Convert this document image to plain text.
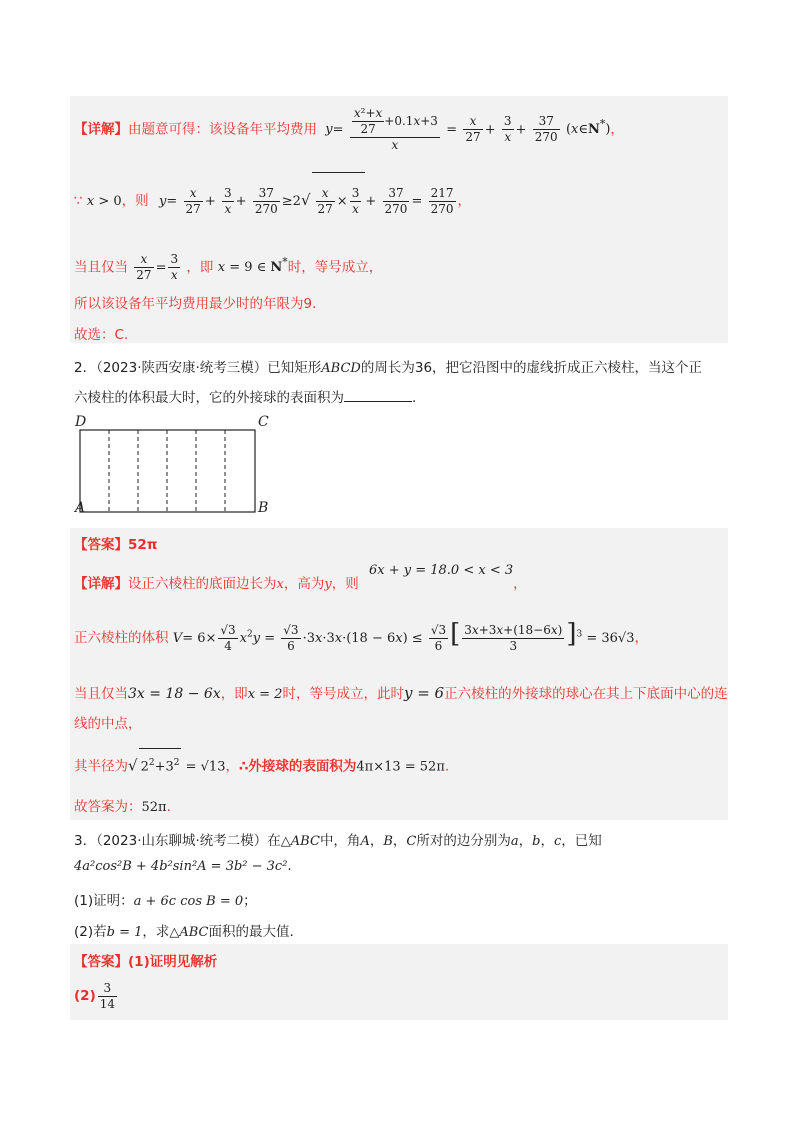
【详解】由题意可得：该设备年平均费用 $y= \frac{\frac{\text{x²+x}}{27} +0.1x+3}{x} = \frac{x}{27} + \frac{3}{x} + \frac{37}{270}$ (x∈N*)，
∵ x > 0，则 $y= \frac{x}{27} + \frac{3}{x} + \frac{37}{270} \ge 2√ \frac{x}{27} \times \frac{3}{x} + \frac{37}{270} = \frac{217}{270}$ ，
当且仅当 $\frac{x}{27} = \frac{3}{x}$ ，即 x = 9 ∈ N*时，等号成立，
所以该设备年平均费用最少时的年限为9.
故选：C.
2．（2023·陕西安康·统考三模）已知矩形ABCD的周长为36，把它沿图中的虚线折成正六棱柱，当这个正
六棱柱的体积最大时，它的外接球的表面积为	.
D	C
A	B
【答案】52π
【详解】设正六棱柱的底面边长为x，高为y，则 6x + y = 18.0 < x < 3，
正六棱柱的体积 $V= 6\times \frac{√3}{4} x^2y = \frac{√3}{6} \cdot 3x\cdot 3x\cdot(18 - 6x) \le \frac{√3}{6}$ [ $\frac{3x+3x+(18-6x)}{3} ]^3 = 36√3$，
当且仅当3x = 18 − 6x，即x = 2时，等号成立，此时y = 6正六棱柱的外接球的球心在其上下底面中心的连
线的中点，
其半径为√ $2^2+3^2 = √13$，∴外接球的表面积为4π×13 = 52π.
故答案为：52π.
3．（2023·山东聊城·统考二模）在△ABC中，角A，B，C所对的边分别为a，b，c，已知
4a²cos²B + 4b²sin²A = 3b² − 3c².
(1)证明：a + 6c cos B = 0；
(2)若b = 1，求△ABC面积的最大值.
【答案】(1)证明见解析
$(2) \frac{3}{14}$
